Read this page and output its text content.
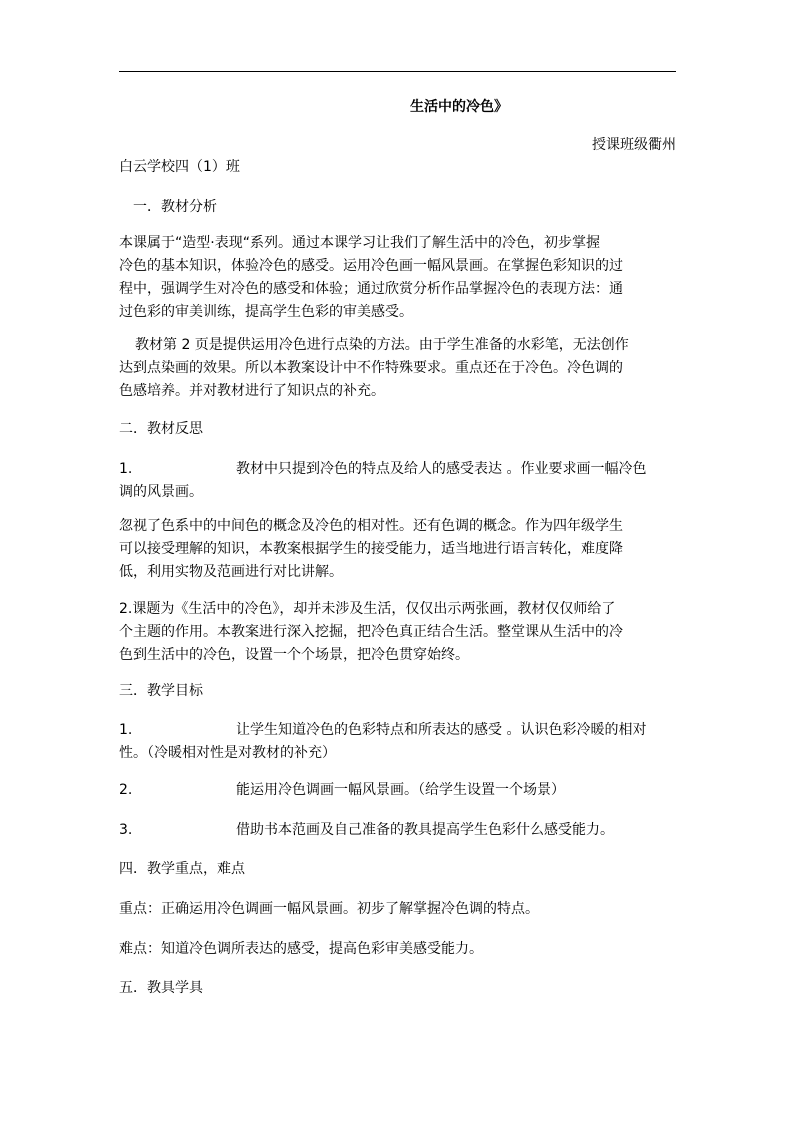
生活中的冷色》
授课班级衢州
白云学校四（1）班
一．教材分析
本课属于“造型·表现“系列。通过本课学习让我们了解生活中的冷色，初步掌握
冷色的基本知识，体验冷色的感受。运用冷色画一幅风景画。在掌握色彩知识的过
程中，强调学生对冷色的感受和体验；通过欣赏分析作品掌握冷色的表现方法：通
过色彩的审美训练，提高学生色彩的审美感受。
教材第 2 页是提供运用冷色进行点染的方法。由于学生准备的水彩笔，无法创作
达到点染画的效果。所以本教案设计中不作特殊要求。重点还在于冷色。冷色调的
色感培养。并对教材进行了知识点的补充。
二．教材反思
1.	教材中只提到冷色的特点及给人的感受表达 。作业要求画一幅冷色
调的风景画。
忽视了色系中的中间色的概念及冷色的相对性。还有色调的概念。作为四年级学生
可以接受理解的知识，本教案根据学生的接受能力，适当地进行语言转化，难度降
低，利用实物及范画进行对比讲解。
2.课题为《生活中的冷色》，却并未涉及生活，仅仅出示两张画，教材仅仅师给了
个主题的作用。本教案进行深入挖掘，把冷色真正结合生活。整堂课从生活中的冷
色到生活中的冷色，设置一个个场景，把冷色贯穿始终。
三．教学目标
1.	让学生知道冷色的色彩特点和所表达的感受 。认识色彩冷暖的相对
性。（冷暖相对性是对教材的补充）
2.	能运用冷色调画一幅风景画。（给学生设置一个场景）
3.	借助书本范画及自己准备的教具提高学生色彩什么感受能力。
四．教学重点，难点
重点：正确运用冷色调画一幅风景画。初步了解掌握冷色调的特点。
难点：知道冷色调所表达的感受，提高色彩审美感受能力。
五．教具学具
